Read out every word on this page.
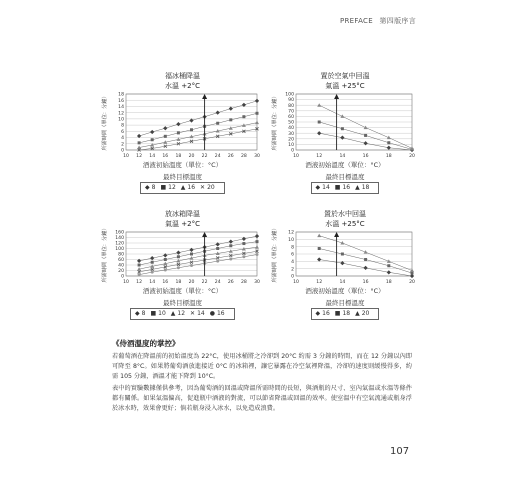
PREFACE 第四版序言
福冰桶降溫
水溫 +2°C
所需時間（單位：分鐘）
0
2
4
6
8
10
12
14
16
18
10 12 14 16 18 20 22 24 26 28 30
酒液初始溫度（單位：°C）
最終目標溫度
◆ 8 ■ 12 ▲ 16 ✕ 20
置於空氣中回溫
氣溫 +25°C
所需時間（單位：分鐘）
0
10
20
30
40
50
60
70
80
90
100
10	12	14	16	18	20
酒液初始溫度（單位：°C）
最終目標溫度
◆ 14 ■ 16 ▲ 18
放冰箱降溫
氣溫 +2°C
所需時間（單位：分鐘）	0
20
40
60
80
100
120
140
160
10 12 14 16 18 20 22 24 26 28 30
酒液初始溫度（單位：°C）
最終目標溫度
◆ 8 ■ 10 ▲ 12 ✕ 14 ● 16
置於水中回溫
水溫 +25°C
所需時間（單位：分鐘）	0
2
4
6
8
10
12
10	12	14	16	18	20
酒液初始溫度（單位：°C）
最終目標溫度
◆ 16 ■ 18 ▲ 20
《侍酒溫度的掌控》
若葡萄酒在降溫前的初始溫度為 22°C，使用冰桶將之冷卻到 20°C 約需 3 分鐘的時間，而在 12 分鐘以內即可降至 8°C。如果將葡萄酒放進接近 0°C 的冰箱裡，讓它暴露在冷空氣裡降溫，冷卻的速度則緩慢得多，約需 105 分鐘，酒溫才能下降到 10°C。
表中的實驗數據僅供參考，因為葡萄酒的回溫或降溫所需時間的長短，與酒瓶的尺寸、室內氣溫或水溫等條件都有關係。如果氣溫偏高，促進瓶中酒液的對流，可以節省降溫或回溫的效率。使室溫中有空氣流通或瓶身浮於冰水時，效果會更好；倘若瓶身浸入冰水，以免造成浪費。
107
